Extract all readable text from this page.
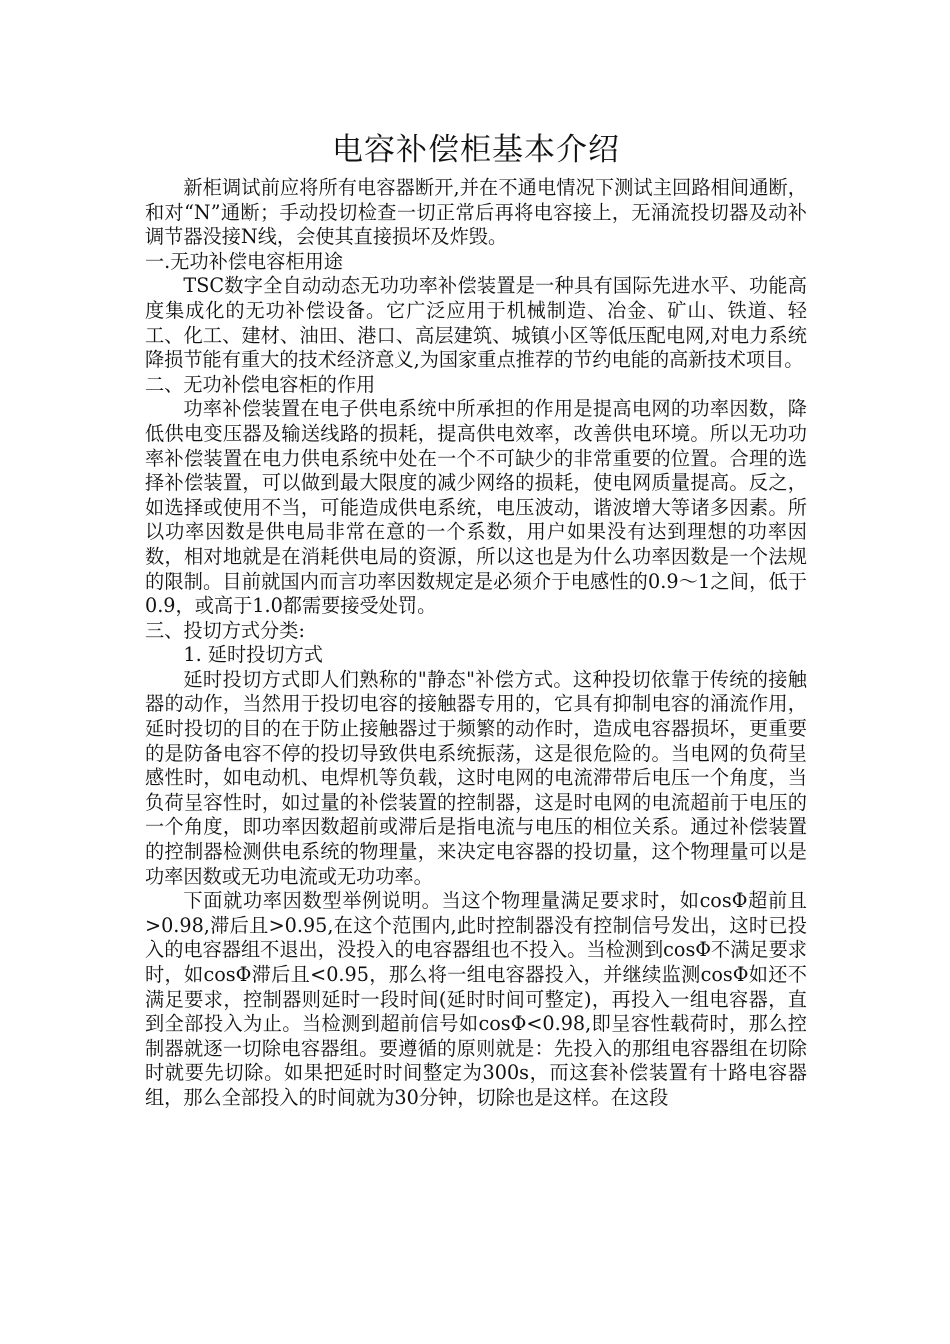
电容补偿柜基本介绍

新柜调试前应将所有电容器断开,并在不通电情况下测试主回路相间通断，和对“N”通断；手动投切检查一切正常后再将电容接上，无涌流投切器及动补调节器没接N线，会使其直接损坏及炸毁。

一.无功补偿电容柜用途

TSC数字全自动动态无功功率补偿装置是一种具有国际先进水平、功能高度集成化的无功补偿设备。它广泛应用于机械制造、冶金、矿山、铁道、轻工、化工、建材、油田、港口、高层建筑、城镇小区等低压配电网,对电力系统降损节能有重大的技术经济意义,为国家重点推荐的节约电能的高新技术项目。

二、无功补偿电容柜的作用

功率补偿装置在电子供电系统中所承担的作用是提高电网的功率因数，降低供电变压器及输送线路的损耗，提高供电效率，改善供电环境。所以无功功率补偿装置在电力供电系统中处在一个不可缺少的非常重要的位置。合理的选择补偿装置，可以做到最大限度的减少网络的损耗，使电网质量提高。反之，如选择或使用不当，可能造成供电系统，电压波动，谐波增大等诸多因素。所以功率因数是供电局非常在意的一个系数，用户如果没有达到理想的功率因数，相对地就是在消耗供电局的资源，所以这也是为什么功率因数是一个法规的限制。目前就国内而言功率因数规定是必须介于电感性的0.9～1之间，低于0.9，或高于1.0都需要接受处罚。

三、投切方式分类:

1. 延时投切方式

延时投切方式即人们熟称的"静态"补偿方式。这种投切依靠于传统的接触器的动作，当然用于投切电容的接触器专用的，它具有抑制电容的涌流作用，延时投切的目的在于防止接触器过于频繁的动作时，造成电容器损坏，更重要的是防备电容不停的投切导致供电系统振荡，这是很危险的。当电网的负荷呈感性时，如电动机、电焊机等负载，这时电网的电流滞带后电压一个角度，当负荷呈容性时，如过量的补偿装置的控制器，这是时电网的电流超前于电压的一个角度，即功率因数超前或滞后是指电流与电压的相位关系。通过补偿装置的控制器检测供电系统的物理量，来决定电容器的投切量，这个物理量可以是功率因数或无功电流或无功功率。

下面就功率因数型举例说明。当这个物理量满足要求时，如cosΦ超前且>0.98,滞后且>0.95,在这个范围内,此时控制器没有控制信号发出，这时已投入的电容器组不退出，没投入的电容器组也不投入。当检测到cosΦ不满足要求时，如cosΦ滞后且<0.95，那么将一组电容器投入，并继续监测cosΦ如还不满足要求，控制器则延时一段时间(延时时间可整定)，再投入一组电容器，直到全部投入为止。当检测到超前信号如cosΦ<0.98,即呈容性载荷时，那么控制器就逐一切除电容器组。要遵循的原则就是：先投入的那组电容器组在切除时就要先切除。如果把延时时间整定为300s，而这套补偿装置有十路电容器组，那么全部投入的时间就为30分钟，切除也是这样。在这段
